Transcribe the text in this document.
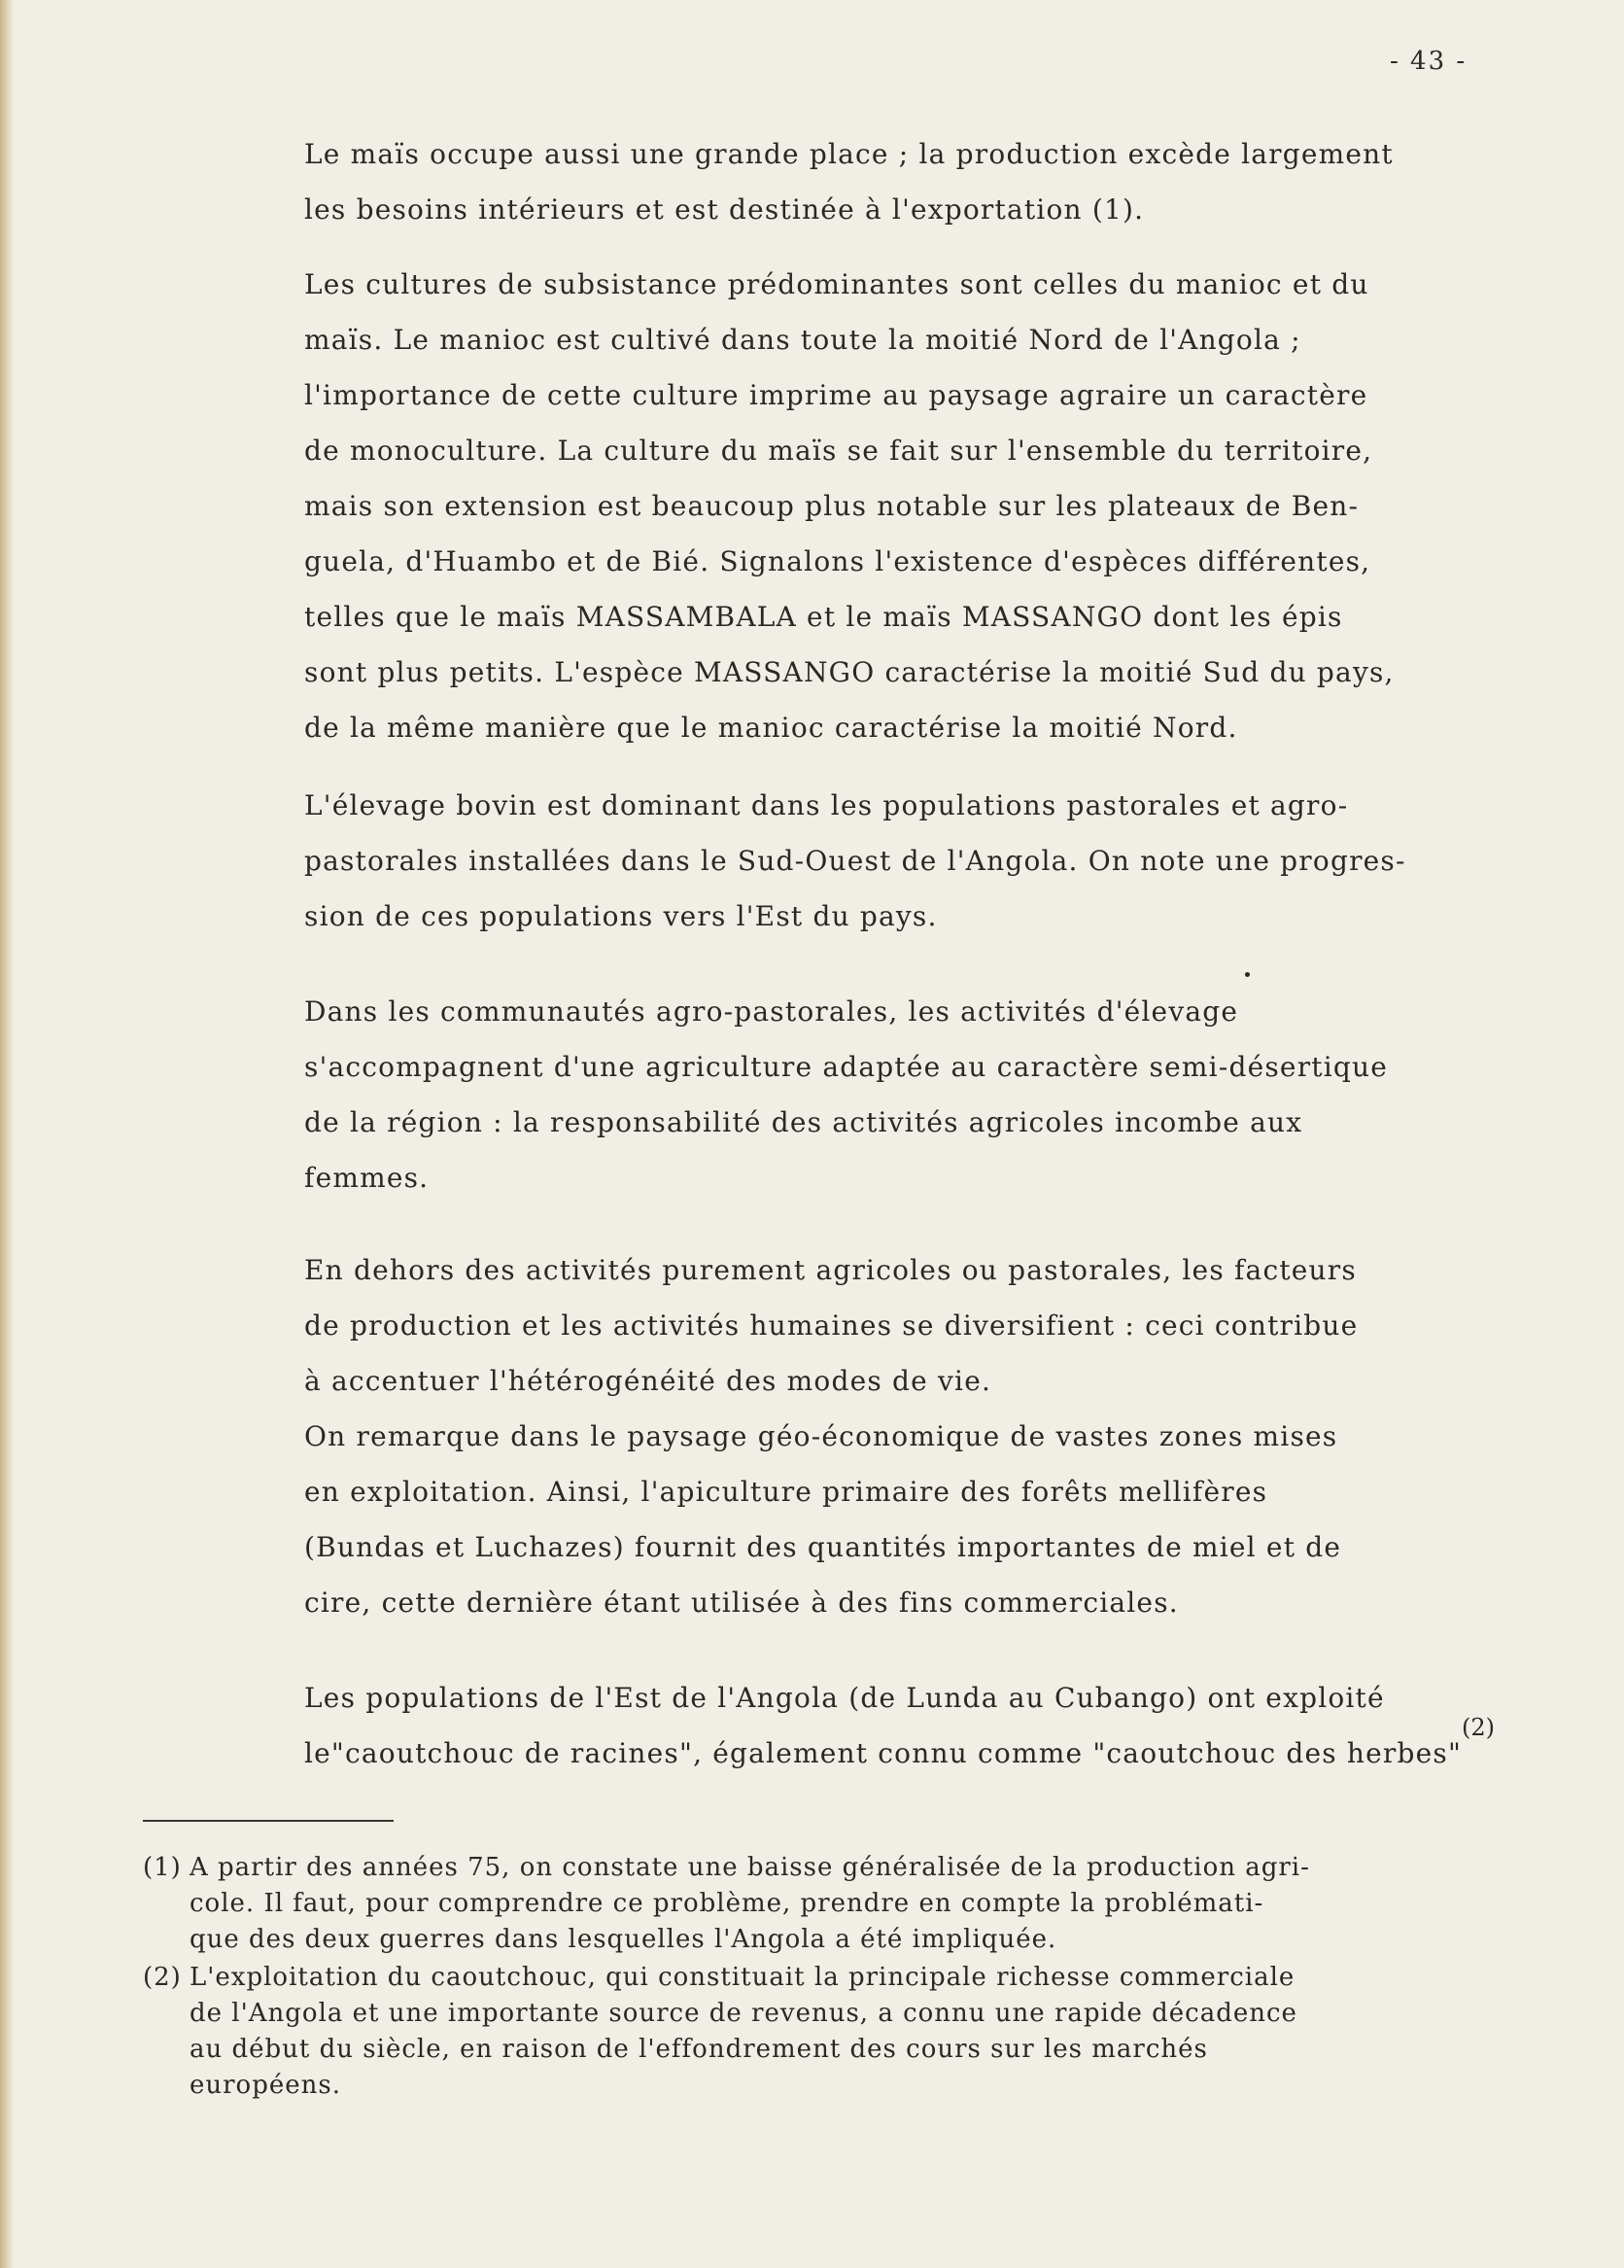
- 43 -

Le maïs occupe aussi une grande place ; la production excède largement
les besoins intérieurs et est destinée à l'exportation (1).

Les cultures de subsistance prédominantes sont celles du manioc et du
maïs. Le manioc est cultivé dans toute la moitié Nord de l'Angola ;
l'importance de cette culture imprime au paysage agraire un caractère
de monoculture. La culture du maïs se fait sur l'ensemble du territoire,
mais son extension est beaucoup plus notable sur les plateaux de Ben-
guela, d'Huambo et de Bié. Signalons l'existence d'espèces différentes,
telles que le maïs MASSAMBALA et le maïs MASSANGO dont les épis
sont plus petits. L'espèce MASSANGO caractérise la moitié Sud du pays,
de la même manière que le manioc caractérise la moitié Nord.

L'élevage bovin est dominant dans les populations pastorales et agro-
pastorales installées dans le Sud-Ouest de l'Angola. On note une progres-
sion de ces populations vers l'Est du pays.

Dans les communautés agro-pastorales, les activités d'élevage
s'accompagnent d'une agriculture adaptée au caractère semi-désertique
de la région : la responsabilité des activités agricoles incombe aux
femmes.

En dehors des activités purement agricoles ou pastorales, les facteurs
de production et les activités humaines se diversifient : ceci contribue
à accentuer l'hétérogénéité des modes de vie.
On remarque dans le paysage géo-économique de vastes zones mises
en exploitation. Ainsi, l'apiculture primaire des forêts mellifères
(Bundas et Luchazes) fournit des quantités importantes de miel et de
cire, cette dernière étant utilisée à des fins commerciales.

Les populations de l'Est de l'Angola (de Lunda au Cubango) ont exploité
le"caoutchouc de racines", également connu comme "caoutchouc des herbes"(2)

(1) A partir des années 75, on constate une baisse généralisée de la production agri-
cole. Il faut, pour comprendre ce problème, prendre en compte la problémati-
que des deux guerres dans lesquelles l'Angola a été impliquée.
(2) L'exploitation du caoutchouc, qui constituait la principale richesse commerciale
de l'Angola et une importante source de revenus, a connu une rapide décadence
au début du siècle, en raison de l'effondrement des cours sur les marchés
européens.
